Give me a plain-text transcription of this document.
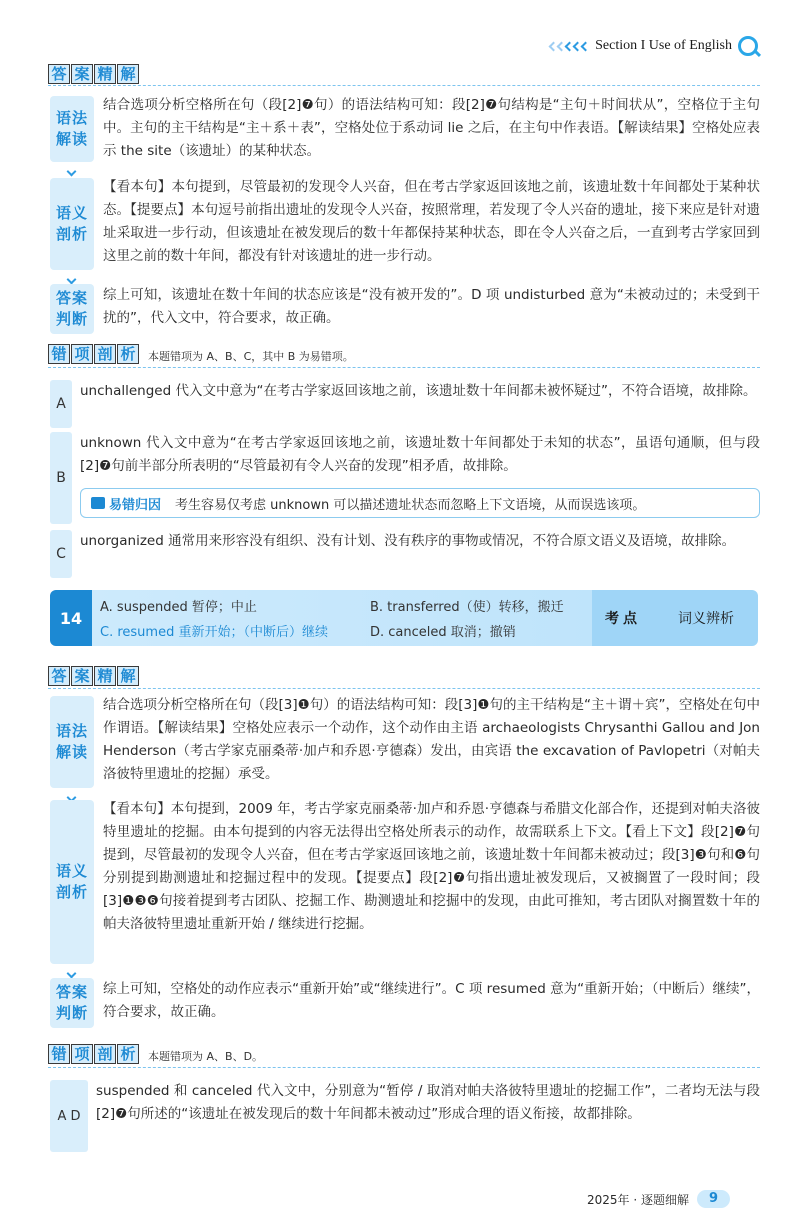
Section I Use of English
答 案 精 解
语法
解读
结合选项分析空格所在句（段[2]❼句）的语法结构可知：段[2]❼句结构是“主句＋时间状从”，空格位于主句中。主句的主干结构是“主＋系＋表”，空格处位于系动词 lie 之后，在主句中作表语。【解读结果】空格处应表示 the site（该遗址）的某种状态。
语义
剖析
【看本句】本句提到，尽管最初的发现令人兴奋，但在考古学家返回该地之前，该遗址数十年间都处于某种状态。【提要点】本句逗号前指出遗址的发现令人兴奋，按照常理，若发现了令人兴奋的遗址，接下来应是针对遗址采取进一步行动，但该遗址在被发现后的数十年都保持某种状态，即在令人兴奋之后，一直到考古学家回到这里之前的数十年间，都没有针对该遗址的进一步行动。
答案
判断
综上可知，该遗址在数十年间的状态应该是“没有被开发的”。D 项 undisturbed 意为“未被动过的；未受到干扰的”，代入文中，符合要求，故正确。
错 项 剖 析	本题错项为 A、B、C，其中 B 为易错项。
A
unchallenged 代入文中意为“在考古学家返回该地之前，该遗址数十年间都未被怀疑过”，不符合语境，故排除。
B
unknown 代入文中意为“在考古学家返回该地之前，该遗址数十年间都处于未知的状态”，虽语句通顺，但与段[2]❼句前半部分所表明的“尽管最初有令人兴奋的发现”相矛盾，故排除。
易错归因 考生容易仅考虑 unknown 可以描述遗址状态而忽略上下文语境，从而误选该项。
C
unorganized 通常用来形容没有组织、没有计划、没有秩序的事物或情况，不符合原文语义及语境，故排除。
14
A. suspended 暂停；中止	B. transferred（使）转移，搬迁
C. resumed 重新开始；（中断后）继续	D. canceled 取消；撤销
考点	词义辨析
答 案 精 解
语法
解读
结合选项分析空格所在句（段[3]❶句）的语法结构可知：段[3]❶句的主干结构是“主＋谓＋宾”，空格处在句中作谓语。【解读结果】空格处应表示一个动作，这个动作由主语 archaeologists Chrysanthi Gallou and Jon Henderson（考古学家克丽桑蒂·加卢和乔恩·亨德森）发出，由宾语 the excavation of Pavlopetri（对帕夫洛彼特里遗址的挖掘）承受。
语义
剖析
【看本句】本句提到，2009 年，考古学家克丽桑蒂·加卢和乔恩·亨德森与希腊文化部合作，还提到对帕夫洛彼特里遗址的挖掘。由本句提到的内容无法得出空格处所表示的动作，故需联系上下文。【看上下文】段[2]❼句提到，尽管最初的发现令人兴奋，但在考古学家返回该地之前，该遗址数十年间都未被动过；段[3]❸句和❻句分别提到勘测遗址和挖掘过程中的发现。【提要点】段[2]❼句指出遗址被发现后，又被搁置了一段时间；段[3]❶❸❻句接着提到考古团队、挖掘工作、勘测遗址和挖掘中的发现，由此可推知，考古团队对搁置数十年的帕夫洛彼特里遗址重新开始 / 继续进行挖掘。
答案
判断
综上可知，空格处的动作应表示“重新开始”或“继续进行”。C 项 resumed 意为“重新开始；（中断后）继续”，符合要求，故正确。
错 项 剖 析	本题错项为 A、B、D。
A D
suspended 和 canceled 代入文中，分别意为“暂停 / 取消对帕夫洛彼特里遗址的挖掘工作”，二者均无法与段[2]❼句所述的“该遗址在被发现后的数十年间都未被动过”形成合理的语义衔接，故都排除。
2025年 · 逐题细解	9
